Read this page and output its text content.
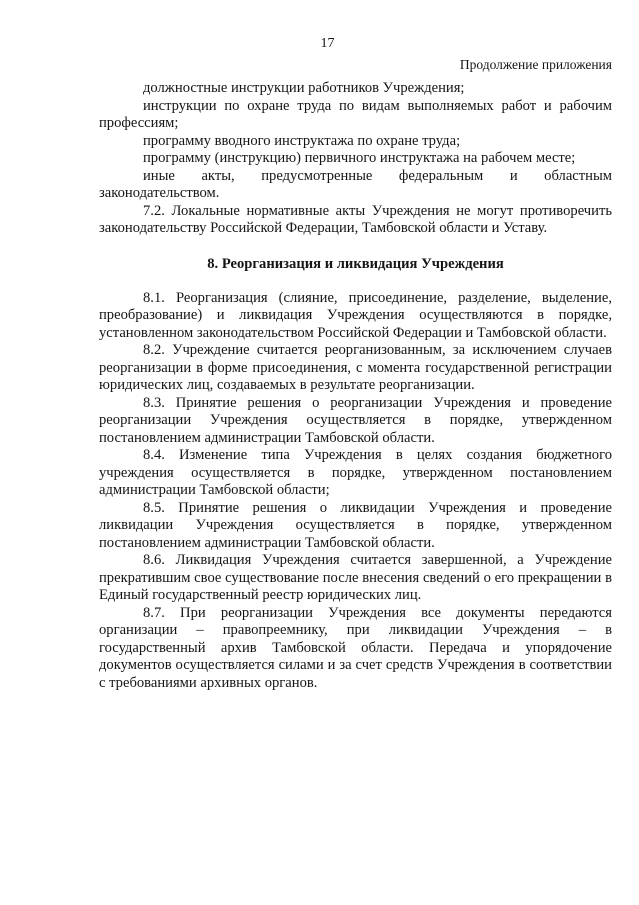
17
Продолжение приложения

должностные инструкции работников Учреждения;

инструкции по охране труда по видам выполняемых работ и рабочим профессиям;

программу вводного инструктажа по охране труда;

программу (инструкцию) первичного инструктажа на рабочем месте;

иные акты, предусмотренные федеральным и областным законодательством.

7.2. Локальные нормативные акты Учреждения не могут противоречить законодательству Российской Федерации, Тамбовской области и Уставу.

8. Реорганизация и ликвидация Учреждения

8.1. Реорганизация (слияние, присоединение, разделение, выделение, преобразование) и ликвидация Учреждения осуществляются в порядке, установленном законодательством Российской Федерации и Тамбовской области.

8.2. Учреждение считается реорганизованным, за исключением случаев реорганизации в форме присоединения, с момента государственной регистрации юридических лиц, создаваемых в результате реорганизации.

8.3. Принятие решения о реорганизации Учреждения и проведение реорганизации Учреждения осуществляется в порядке, утвержденном постановлением администрации Тамбовской области.

8.4. Изменение типа Учреждения в целях создания бюджетного учреждения осуществляется в порядке, утвержденном постановлением администрации Тамбовской области;

8.5. Принятие решения о ликвидации Учреждения и проведение ликвидации Учреждения осуществляется в порядке, утвержденном постановлением администрации Тамбовской области.

8.6. Ликвидация Учреждения считается завершенной, а Учреждение прекратившим свое существование после внесения сведений о его прекращении в Единый государственный реестр юридических лиц.

8.7. При реорганизации Учреждения все документы передаются организации – правопреемнику, при ликвидации Учреждения – в государственный архив Тамбовской области. Передача и упорядочение документов осуществляется силами и за счет средств Учреждения в соответствии с требованиями архивных органов.
